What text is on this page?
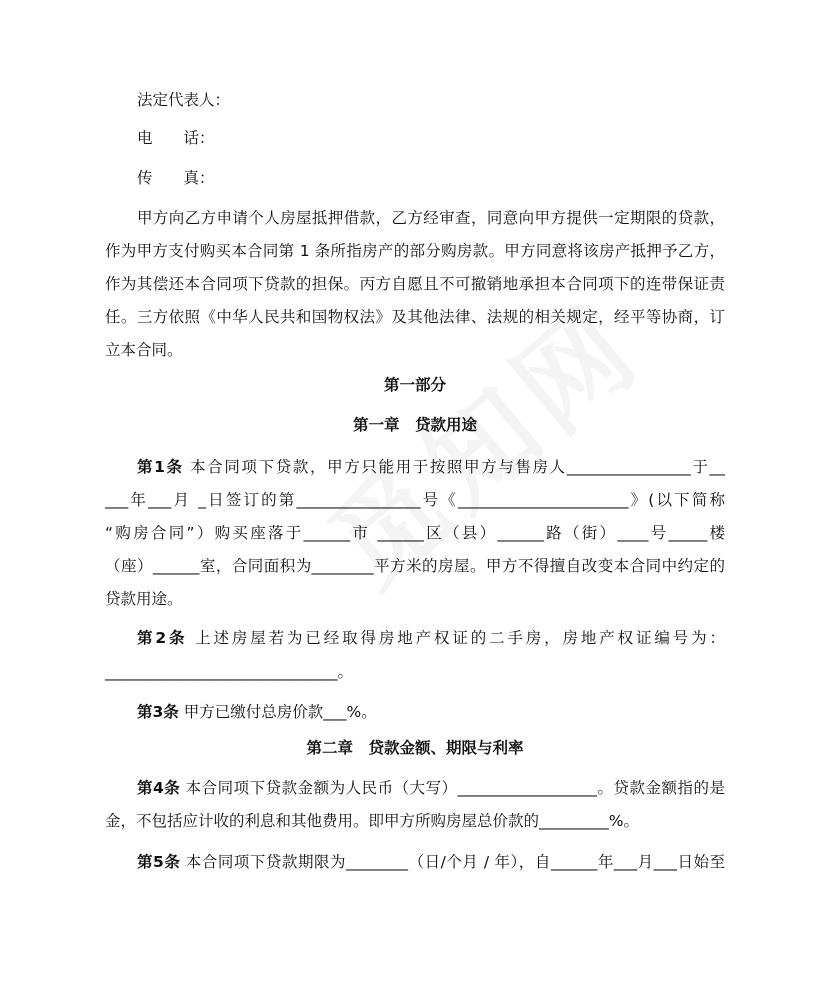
法定代表人：
电　　话：
传　　真：
甲方向乙方申请个人房屋抵押借款，乙方经审查，同意向甲方提供一定期限的贷款，
作为甲方支付购买本合同第 1 条所指房产的部分购房款。甲方同意将该房产抵押予乙方，
作为其偿还本合同项下贷款的担保。丙方自愿且不可撤销地承担本合同项下的连带保证责
任。三方依照《中华人民共和国物权法》及其他法律、法规的相关规定，经平等协商，订
立本合同。
第一部分
第一章　贷款用途
第1条 本合同项下贷款，甲方只能用于按照甲方与售房人________________于__
___年___月 _日签订的第________________号《______________________》(以下简称
“购房合同”）购买座落于______市 ______区（县）______路（街）____号_____楼
（座）______室，合同面积为________平方米的房屋。甲方不得擅自改变本合同中约定的
贷款用途。
第2条 上述房屋若为已经取得房地产权证的二手房，房地产权证编号为：
______________________________。
第3条 甲方已缴付总房价款___%。
第二章　贷款金额、期限与利率
第4条 本合同项下贷款金额为人民币（大写）__________________。贷款金额指的是
金，不包括应计收的利息和其他费用。即甲方所购房屋总价款的_________%。
第5条 本合同项下贷款期限为________（日/个月 / 年），自______年___月___日始至
